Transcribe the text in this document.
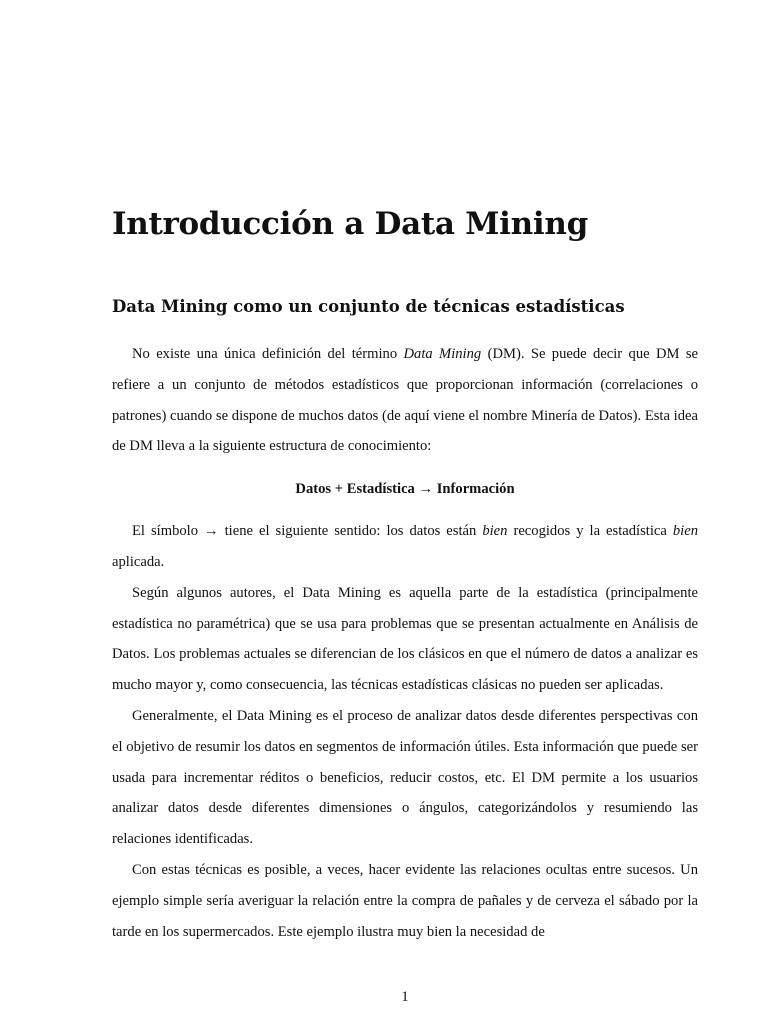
Introducción a Data Mining
Data Mining como un conjunto de técnicas estadísticas

No existe una única definición del término Data Mining (DM). Se puede decir que DM se refiere a un conjunto de métodos estadísticos que proporcionan información (correlaciones o patrones) cuando se dispone de muchos datos (de aquí viene el nombre Minería de Datos). Esta idea de DM lleva a la siguiente estructura de conocimiento:

Datos + Estadística → Información

El símbolo → tiene el siguiente sentido: los datos están bien recogidos y la estadística bien aplicada.

Según algunos autores, el Data Mining es aquella parte de la estadística (principalmente estadística no paramétrica) que se usa para problemas que se presentan actualmente en Análisis de Datos. Los problemas actuales se diferencian de los clásicos en que el número de datos a analizar es mucho mayor y, como consecuencia, las técnicas estadísticas clásicas no pueden ser aplicadas.

Generalmente, el Data Mining es el proceso de analizar datos desde diferentes perspectivas con el objetivo de resumir los datos en segmentos de información útiles. Esta información que puede ser usada para incrementar réditos o beneficios, reducir costos, etc. El DM permite a los usuarios analizar datos desde diferentes dimensiones o ángulos, categorizándolos y resumiendo las relaciones identificadas.

Con estas técnicas es posible, a veces, hacer evidente las relaciones ocultas entre sucesos. Un ejemplo simple sería averiguar la relación entre la compra de pañales y de cerveza el sábado por la tarde en los supermercados. Este ejemplo ilustra muy bien la necesidad de

1
